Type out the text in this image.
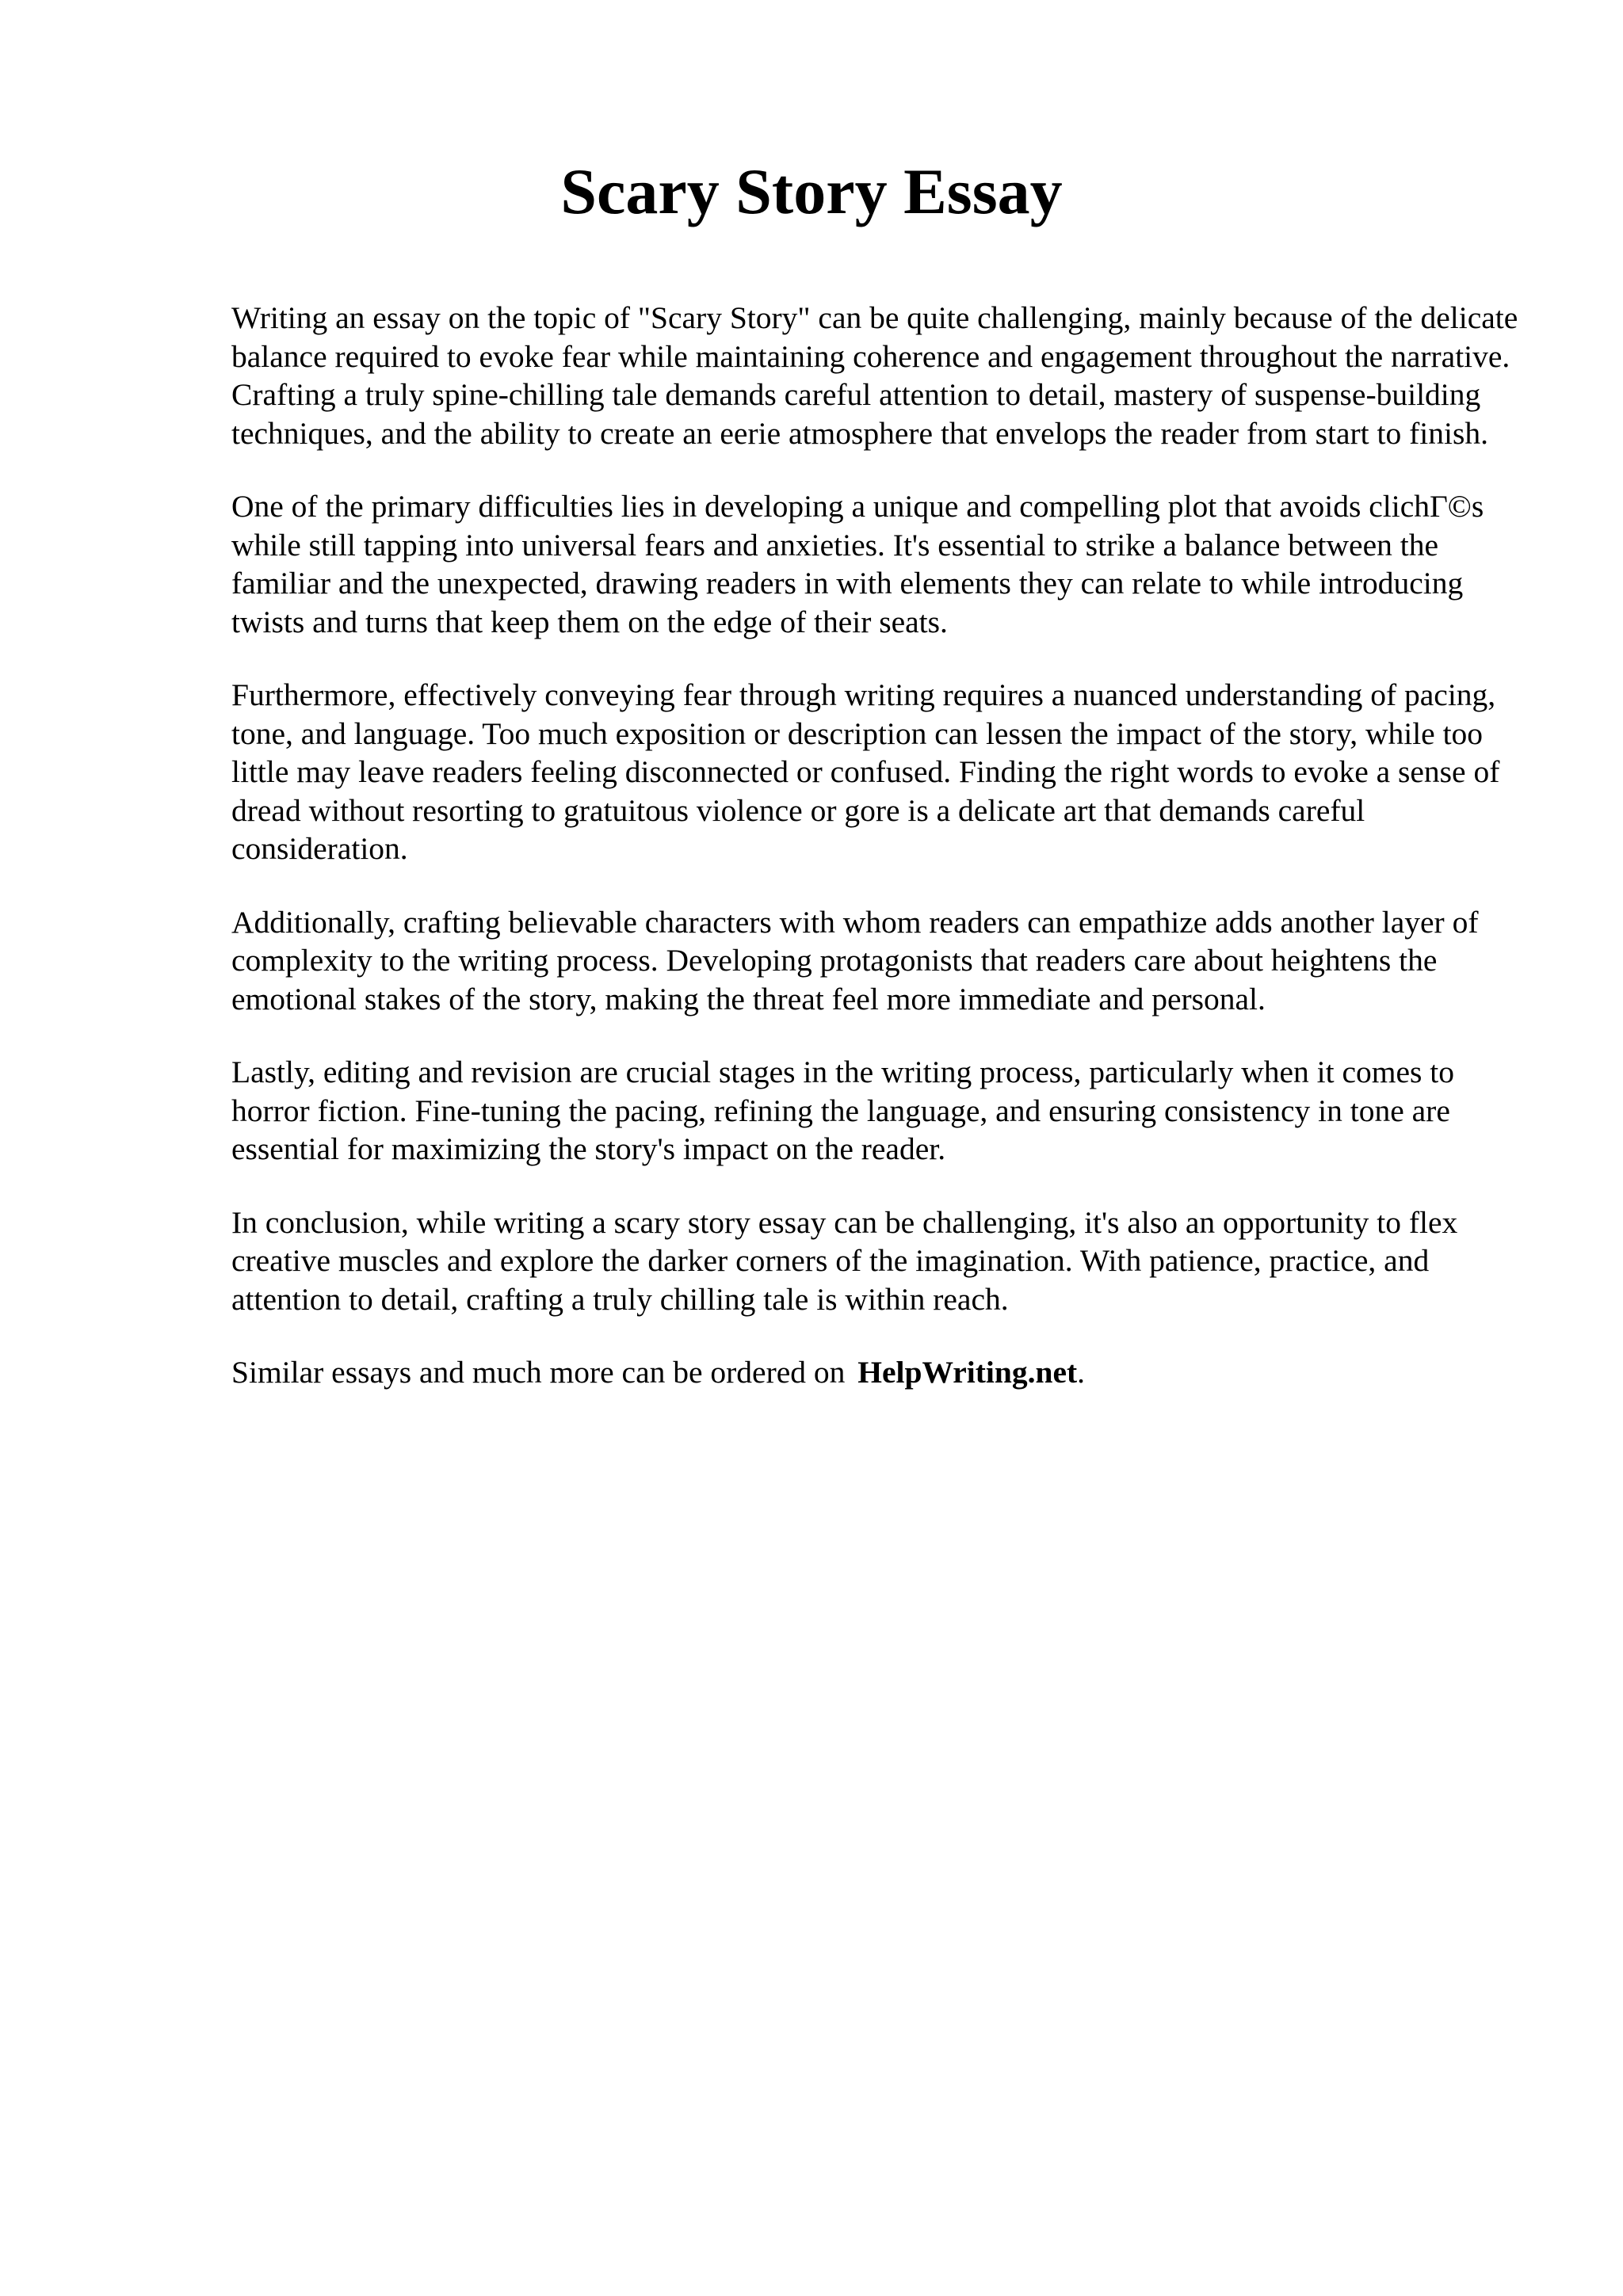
Scary Story Essay

Writing an essay on the topic of "Scary Story" can be quite challenging, mainly because of the delicate balance required to evoke fear while maintaining coherence and engagement throughout the narrative. Crafting a truly spine-chilling tale demands careful attention to detail, mastery of suspense-building techniques, and the ability to create an eerie atmosphere that envelops the reader from start to finish.

One of the primary difficulties lies in developing a unique and compelling plot that avoids clichΓ©s while still tapping into universal fears and anxieties. It's essential to strike a balance between the familiar and the unexpected, drawing readers in with elements they can relate to while introducing twists and turns that keep them on the edge of their seats.

Furthermore, effectively conveying fear through writing requires a nuanced understanding of pacing, tone, and language. Too much exposition or description can lessen the impact of the story, while too little may leave readers feeling disconnected or confused. Finding the right words to evoke a sense of dread without resorting to gratuitous violence or gore is a delicate art that demands careful consideration.

Additionally, crafting believable characters with whom readers can empathize adds another layer of complexity to the writing process. Developing protagonists that readers care about heightens the emotional stakes of the story, making the threat feel more immediate and personal.

Lastly, editing and revision are crucial stages in the writing process, particularly when it comes to horror fiction. Fine-tuning the pacing, refining the language, and ensuring consistency in tone are essential for maximizing the story's impact on the reader.

In conclusion, while writing a scary story essay can be challenging, it's also an opportunity to flex creative muscles and explore the darker corners of the imagination. With patience, practice, and attention to detail, crafting a truly chilling tale is within reach.

Similar essays and much more can be ordered on HelpWriting.net.
